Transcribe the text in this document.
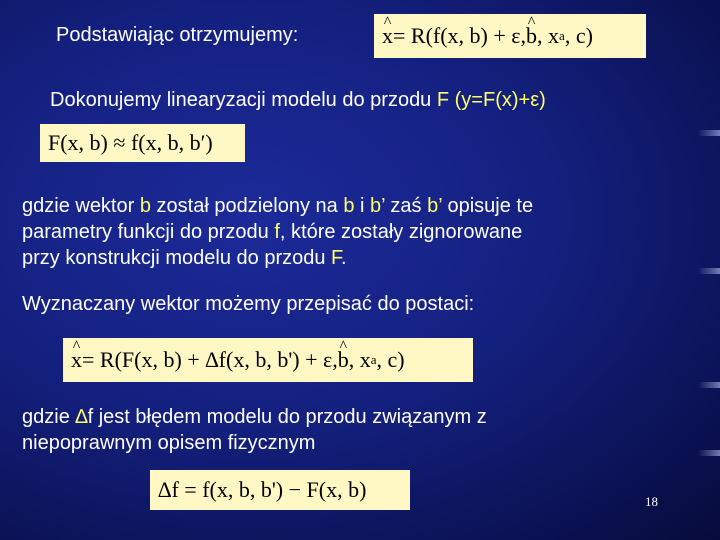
Podstawiając otrzymujemy:	^ x = R(f(x, b) + ε, ^ b , x a , c)
Dokonujemy linearyzacji modelu do przodu F (y=F(x)+ε)
F(x, b) ≈ f(x, b, b′)
gdzie wektor b został podzielony na b i b’ zaś b’ opisuje te
parametry funkcji do przodu f, które zostały zignorowane
przy konstrukcji modelu do przodu F.
Wyznaczany wektor możemy przepisać do postaci:
^ x = R(F(x, b) + ∆f(x, b, b') + ε, ^ b , x a , c)
gdzie ∆f jest błędem modelu do przodu związanym z
niepoprawnym opisem fizycznym
∆f = f(x, b, b') − F(x, b)	18
